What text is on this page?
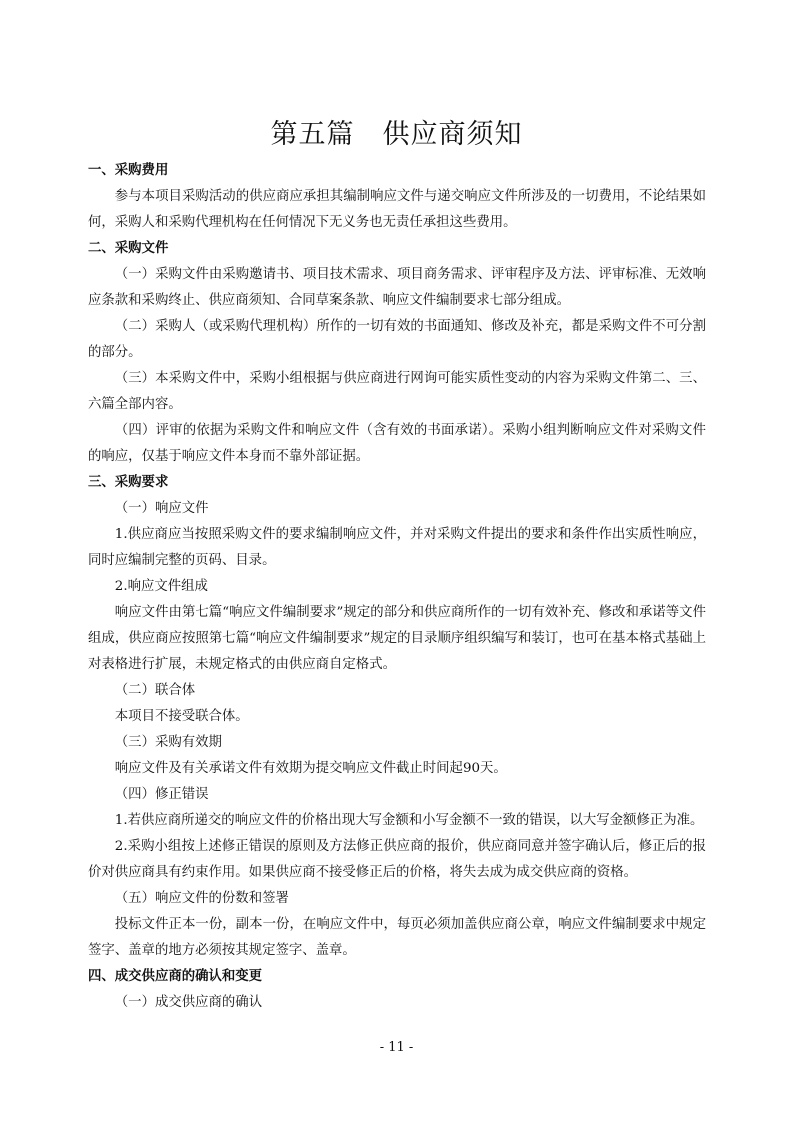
第五篇　供应商须知

一、采购费用

参与本项目采购活动的供应商应承担其编制响应文件与递交响应文件所涉及的一切费用，不论结果如何，采购人和采购代理机构在任何情况下无义务也无责任承担这些费用。

二、采购文件

（一）采购文件由采购邀请书、项目技术需求、项目商务需求、评审程序及方法、评审标准、无效响应条款和采购终止、供应商须知、合同草案条款、响应文件编制要求七部分组成。

（二）采购人（或采购代理机构）所作的一切有效的书面通知、修改及补充，都是采购文件不可分割的部分。

（三）本采购文件中，采购小组根据与供应商进行网询可能实质性变动的内容为采购文件第二、三、六篇全部内容。

（四）评审的依据为采购文件和响应文件（含有效的书面承诺）。采购小组判断响应文件对采购文件的响应，仅基于响应文件本身而不靠外部证据。

三、采购要求

（一）响应文件

1.供应商应当按照采购文件的要求编制响应文件，并对采购文件提出的要求和条件作出实质性响应，同时应编制完整的页码、目录。

2.响应文件组成

响应文件由第七篇“响应文件编制要求”规定的部分和供应商所作的一切有效补充、修改和承诺等文件组成，供应商应按照第七篇“响应文件编制要求”规定的目录顺序组织编写和装订，也可在基本格式基础上对表格进行扩展，未规定格式的由供应商自定格式。

（二）联合体

本项目不接受联合体。

（三）采购有效期

响应文件及有关承诺文件有效期为提交响应文件截止时间起90天。

（四）修正错误

1.若供应商所递交的响应文件的价格出现大写金额和小写金额不一致的错误，以大写金额修正为准。

2.采购小组按上述修正错误的原则及方法修正供应商的报价，供应商同意并签字确认后，修正后的报价对供应商具有约束作用。如果供应商不接受修正后的价格，将失去成为成交供应商的资格。

（五）响应文件的份数和签署

投标文件正本一份，副本一份，在响应文件中，每页必须加盖供应商公章，响应文件编制要求中规定签字、盖章的地方必须按其规定签字、盖章。

四、成交供应商的确认和变更

（一）成交供应商的确认

- 11 -
